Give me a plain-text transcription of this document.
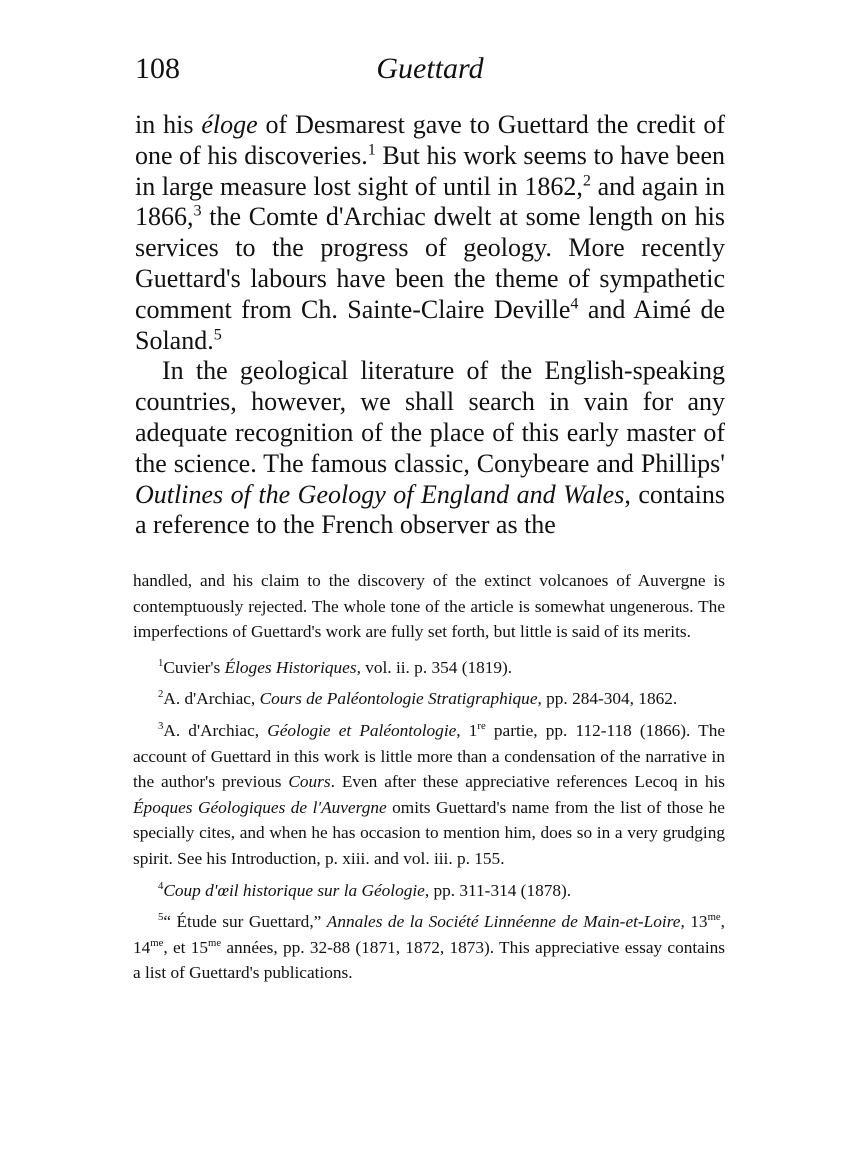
108	Guettard

in his éloge of Desmarest gave to Guettard the credit of one of his discoveries.$^1$ But his work seems to have been in large measure lost sight of until in 1862,$^2$ and again in 1866,$^3$ the Comte d'Archiac dwelt at some length on his services to the progress of geology. More recently Guettard's labours have been the theme of sympathetic comment from Ch. Sainte-Claire Deville$^4$ and Aimé de Soland.$^5$

In the geological literature of the English-speaking countries, however, we shall search in vain for any adequate recognition of the place of this early master of the science. The famous classic, Conybeare and Phillips' Outlines of the Geology of England and Wales, contains a reference to the French observer as the

handled, and his claim to the discovery of the extinct volcanoes of Auvergne is contemptuously rejected. The whole tone of the article is somewhat ungenerous. The imperfections of Guettard's work are fully set forth, but little is said of its merits.

$^1$Cuvier's Éloges Historiques, vol. ii. p. 354 (1819).

$^2$A. d'Archiac, Cours de Paléontologie Stratigraphique, pp. 284-304, 1862.

$^3$A. d'Archiac, Géologie et Paléontologie, 1re partie, pp. 112-118 (1866). The account of Guettard in this work is little more than a condensation of the narrative in the author's previous Cours. Even after these appreciative references Lecoq in his Époques Géologiques de l'Auvergne omits Guettard's name from the list of those he specially cites, and when he has occasion to mention him, does so in a very grudging spirit. See his Introduction, p. xiii. and vol. iii. p. 155.

$^4$Coup d'œil historique sur la Géologie, pp. 311-314 (1878).

$^5$“ Étude sur Guettard,” Annales de la Société Linnéenne de Main-et-Loire, $13^{me}$, $14^{me}$, et $15^{me}$ années, pp. 32-88 (1871, 1872, 1873). This appreciative essay contains a list of Guettard's publications.
